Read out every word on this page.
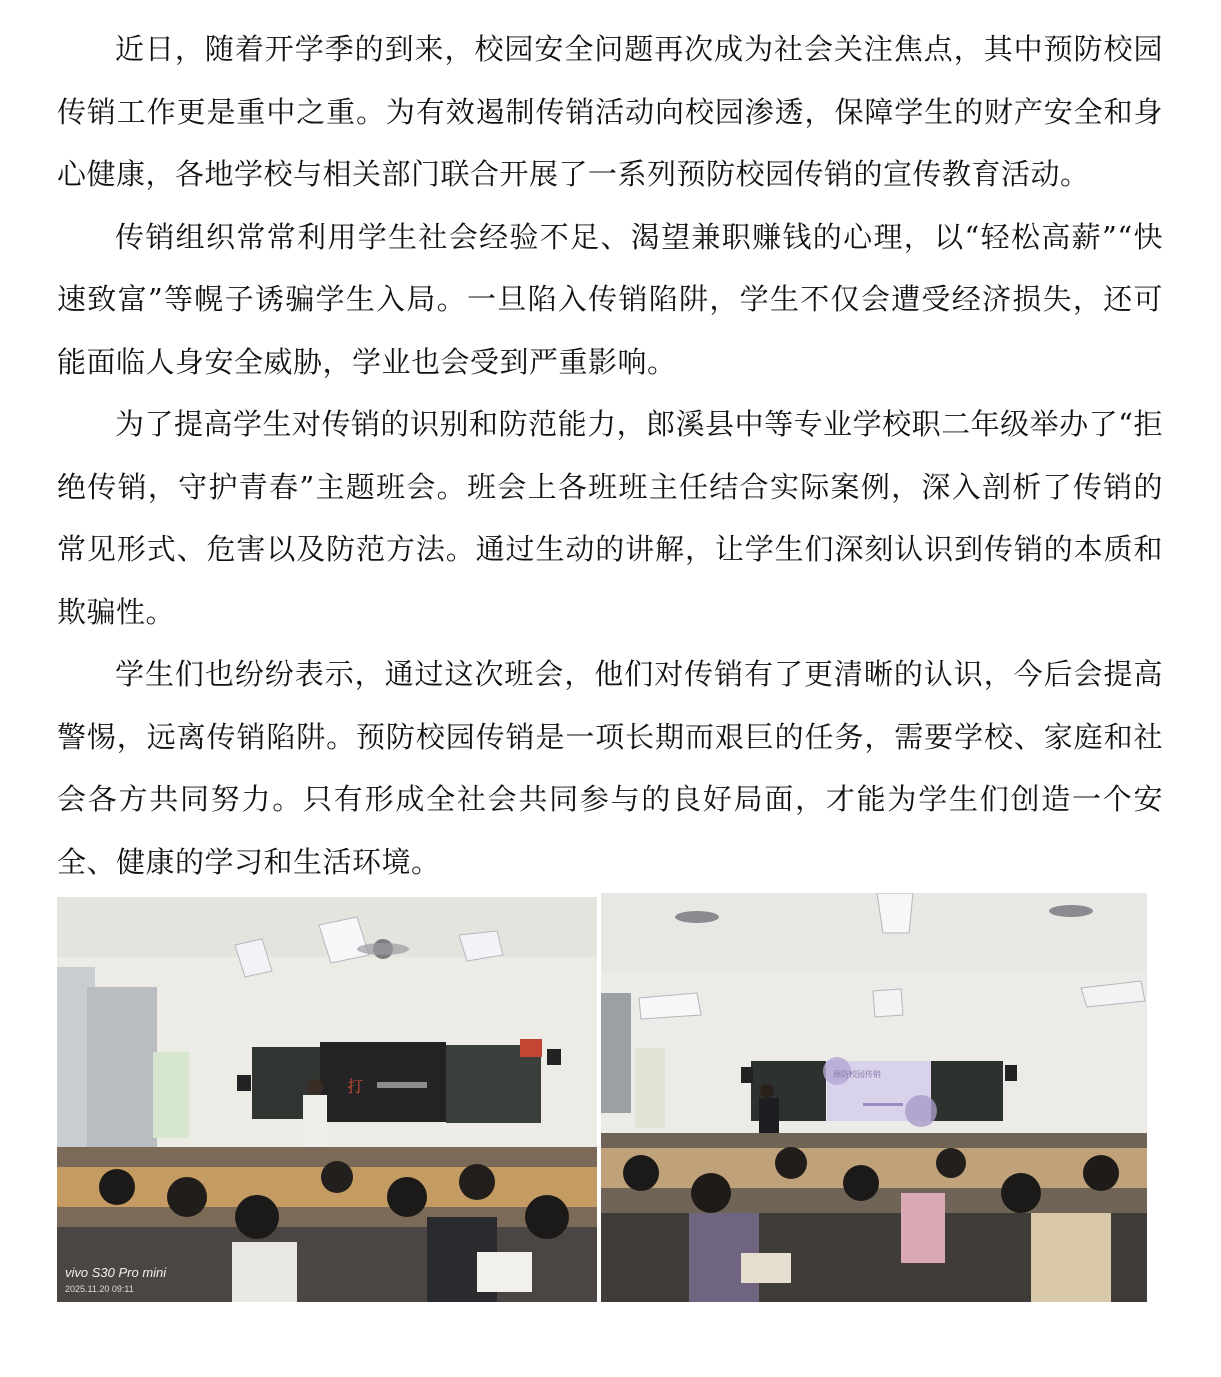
近日，随着开学季的到来，校园安全问题再次成为社会关注焦点，其中预防校园传销工作更是重中之重。为有效遏制传销活动向校园渗透，保障学生的财产安全和身心健康，各地学校与相关部门联合开展了一系列预防校园传销的宣传教育活动。

传销组织常常利用学生社会经验不足、渴望兼职赚钱的心理，以“轻松高薪”“快速致富”等幌子诱骗学生入局。一旦陷入传销陷阱，学生不仅会遭受经济损失，还可能面临人身安全威胁，学业也会受到严重影响。

为了提高学生对传销的识别和防范能力，郎溪县中等专业学校职二年级举办了“拒绝传销，守护青春”主题班会。班会上各班班主任结合实际案例，深入剖析了传销的常见形式、危害以及防范方法。通过生动的讲解，让学生们深刻认识到传销的本质和欺骗性。

学生们也纷纷表示，通过这次班会，他们对传销有了更清晰的认识，今后会提高警惕，远离传销陷阱。预防校园传销是一项长期而艰巨的任务，需要学校、家庭和社会各方共同努力。只有形成全社会共同参与的良好局面，才能为学生们创造一个安全、健康的学习和生活环境。

打
vivo S30 Pro mini
2025.11.20 09:11
预防校园传销
